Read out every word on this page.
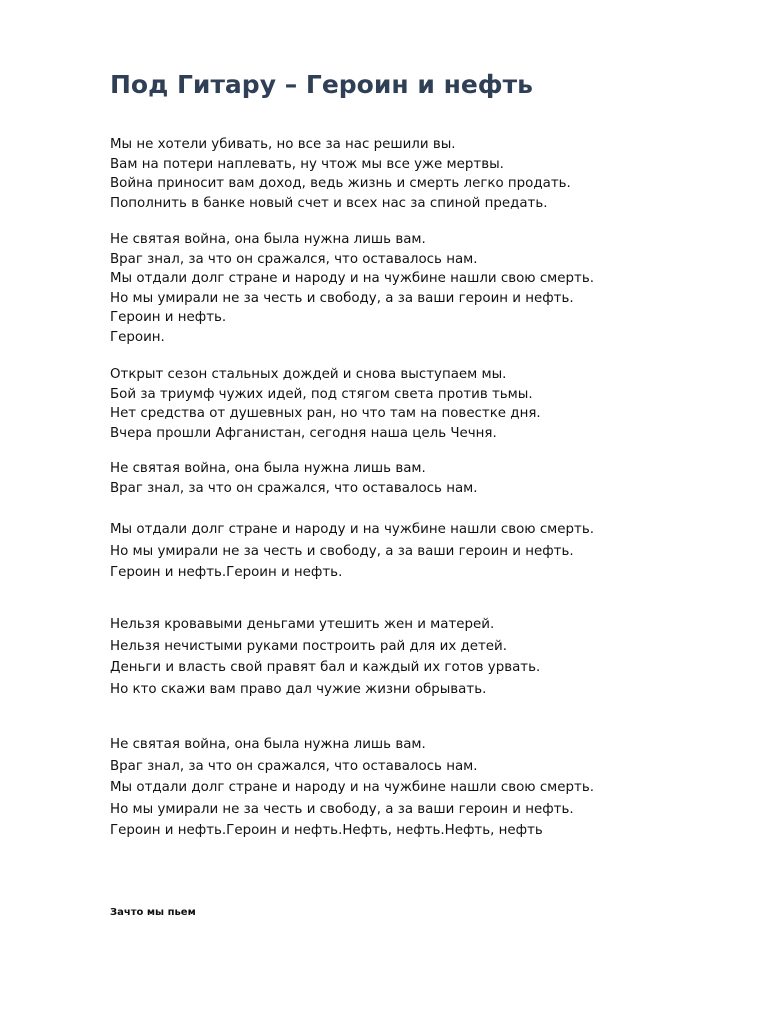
Под Гитару – Героин и нефть
Мы не хотели убивать, но все за нас решили вы.
Вам на потери наплевать, ну чтож мы все уже мертвы.
Война приносит вам доход, ведь жизнь и смерть легко продать.
Пополнить в банке новый счет и всех нас за спиной предать.
Не святая война, она была нужна лишь вам.
Враг знал, за что он сражался, что оставалось нам.
Мы отдали долг стране и народу и на чужбине нашли свою смерть.
Но мы умирали не за честь и свободу, а за ваши героин и нефть.
Героин и нефть.
Героин.
Открыт сезон стальных дождей и снова выступаем мы.
Бой за триумф чужих идей, под стягом света против тьмы.
Нет средства от душевных ран, но что там на повестке дня.
Вчера прошли Афганистан, сегодня наша цель Чечня.
Не святая война, она была нужна лишь вам.
Враг знал, за что он сражался, что оставалось нам.
Мы отдали долг стране и народу и на чужбине нашли свою смерть.
Но мы умирали не за честь и свободу, а за ваши героин и нефть.
Героин и нефть.Героин и нефть.
Нельзя кровавыми деньгами утешить жен и матерей.
Нельзя нечистыми руками построить рай для их детей.
Деньги и власть свой правят бал и каждый их готов урвать.
Но кто скажи вам право дал чужие жизни обрывать.
Не святая война, она была нужна лишь вам.
Враг знал, за что он сражался, что оставалось нам.
Мы отдали долг стране и народу и на чужбине нашли свою смерть.
Но мы умирали не за честь и свободу, а за ваши героин и нефть.
Героин и нефть.Героин и нефть.Нефть, нефть.Нефть, нефть
Зачто мы пьем
